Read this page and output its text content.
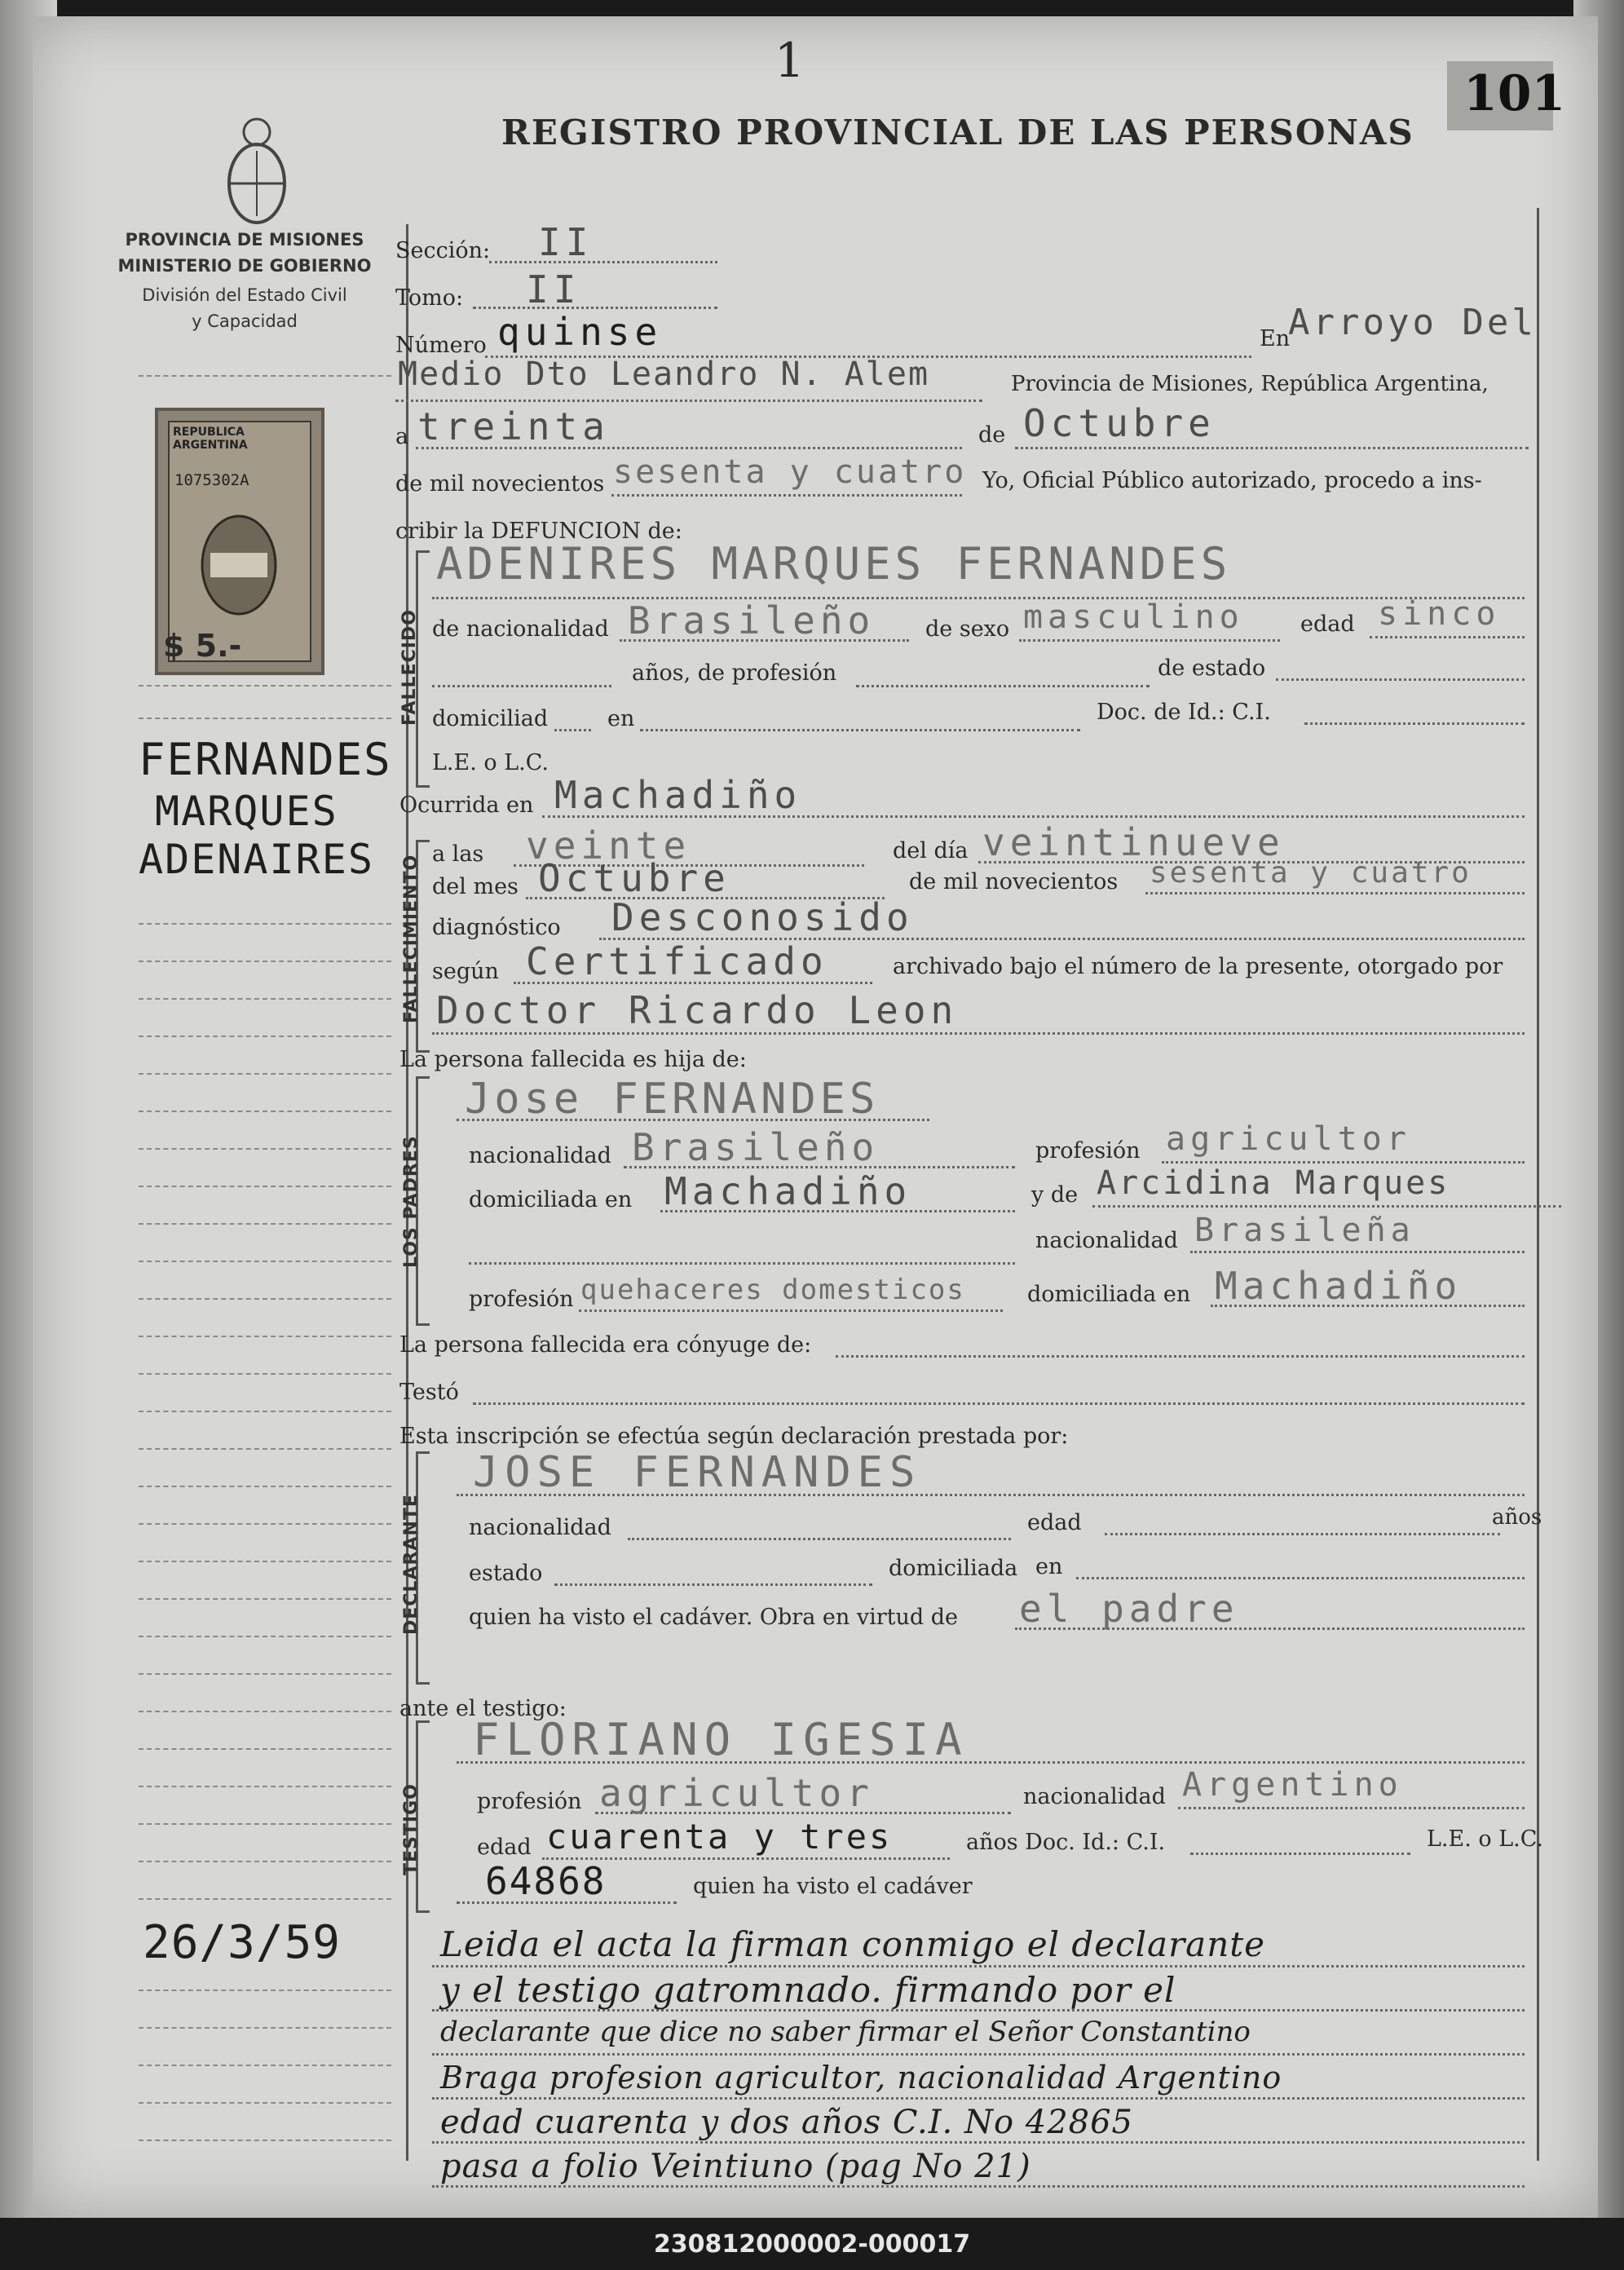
1
101
REGISTRO PROVINCIAL DE LAS PERSONAS
PROVINCIA DE MISIONES
MINISTERIO DE GOBIERNO
División del Estado Civil
y Capacidad
REPUBLICA ARGENTINA
1075302A
$ 5.-
FERNANDES
MARQUES
ADENAIRES
26/3/59
Sección: II
Tomo: II
Número quinse	En
Arroyo Del
Medio Dto Leandro N. Alem	Provincia de Misiones, República Argentina,
a treinta	de Octubre
de mil novecientos sesenta y cuatro Yo, Oficial Público autorizado, procedo a ins-
cribir la DEFUNCION de:
FALLECIDO
ADENIRES MARQUES FERNANDES
de nacionalidad Brasileño de sexo masculino	edad sinco
años, de profesión	de estado
domiciliad	en	Doc. de Id.: C.I.
L.E. o L.C.
Ocurrida en Machadiño
FALLECIMIENTO
a las veinte	del día veintinueve
del mes Octubre	de mil novecientos sesenta y cuatro
diagnóstico Desconosido
según Certificado	archivado bajo el número de la presente, otorgado por
Doctor Ricardo Leon
La persona fallecida es hija de:
LOS PADRES
Jose FERNANDES
nacionalidad Brasileño	profesión agricultor
domiciliada en Machadiño	y de Arcidina Marques
nacionalidad Brasileña
profesión quehaceres domesticos	domiciliada en Machadiño
La persona fallecida era cónyuge de:
Testó
Esta inscripción se efectúa según declaración prestada por:
DECLARANTE
JOSE FERNANDES
nacionalidad	edad	años
estado	domiciliada en
quien ha visto el cadáver. Obra en virtud de el padre
ante el testigo:
TESTIGO
FLORIANO IGESIA
profesión agricultor	nacionalidad Argentino
edad cuarenta y tres	años Doc. Id.: C.I.	L.E. o L.C.
64868	quien ha visto el cadáver
Leida el acta la firman conmigo el declarante
y el testigo gatromnado. firmando por el
declarante que dice no saber firmar el Señor Constantino
Braga profesion agricultor, nacionalidad Argentino
edad cuarenta y dos años C.I. No 42865
pasa a folio Veintiuno (pag No 21)
230812000002-000017
